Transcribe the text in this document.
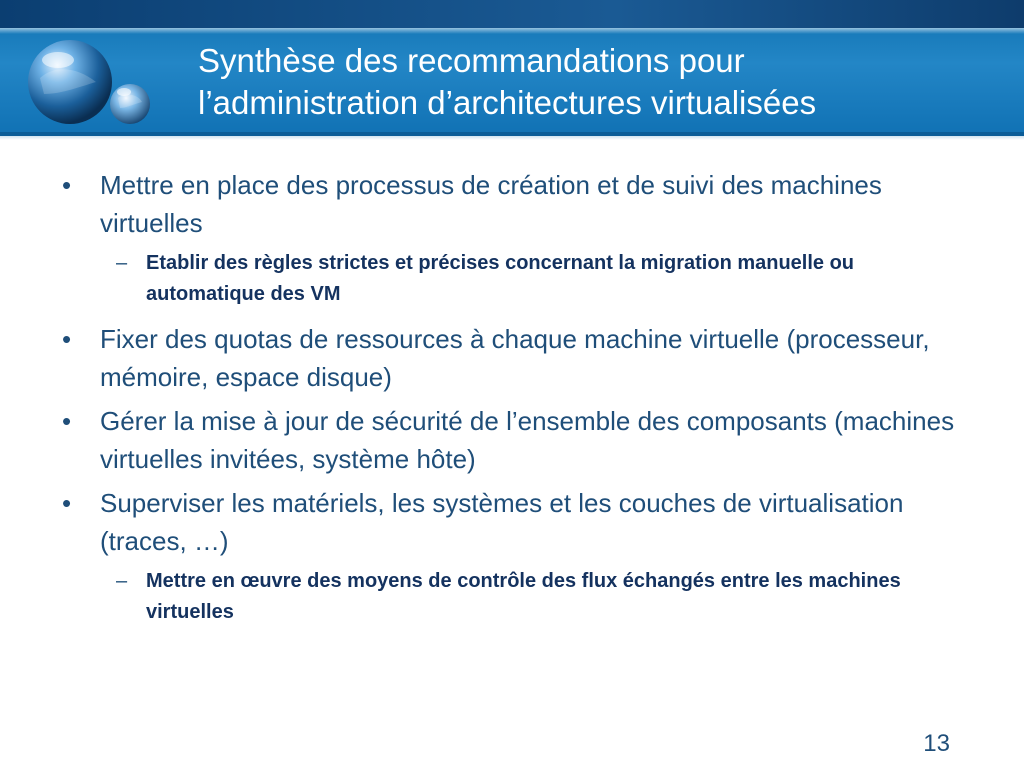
Synthèse des recommandations pour
l’administration d’architectures virtualisées
• Mettre en place des processus de création et de suivi des machines virtuelles
– Etablir des règles strictes et précises concernant la migration manuelle ou automatique des VM
• Fixer des quotas de ressources à chaque machine virtuelle (processeur, mémoire, espace disque)
• Gérer la mise à jour de sécurité de l’ensemble des composants (machines virtuelles invitées, système hôte)
• Superviser les matériels, les systèmes et les couches de virtualisation (traces, …)
– Mettre en œuvre des moyens de contrôle des flux échangés entre les machines virtuelles
13
